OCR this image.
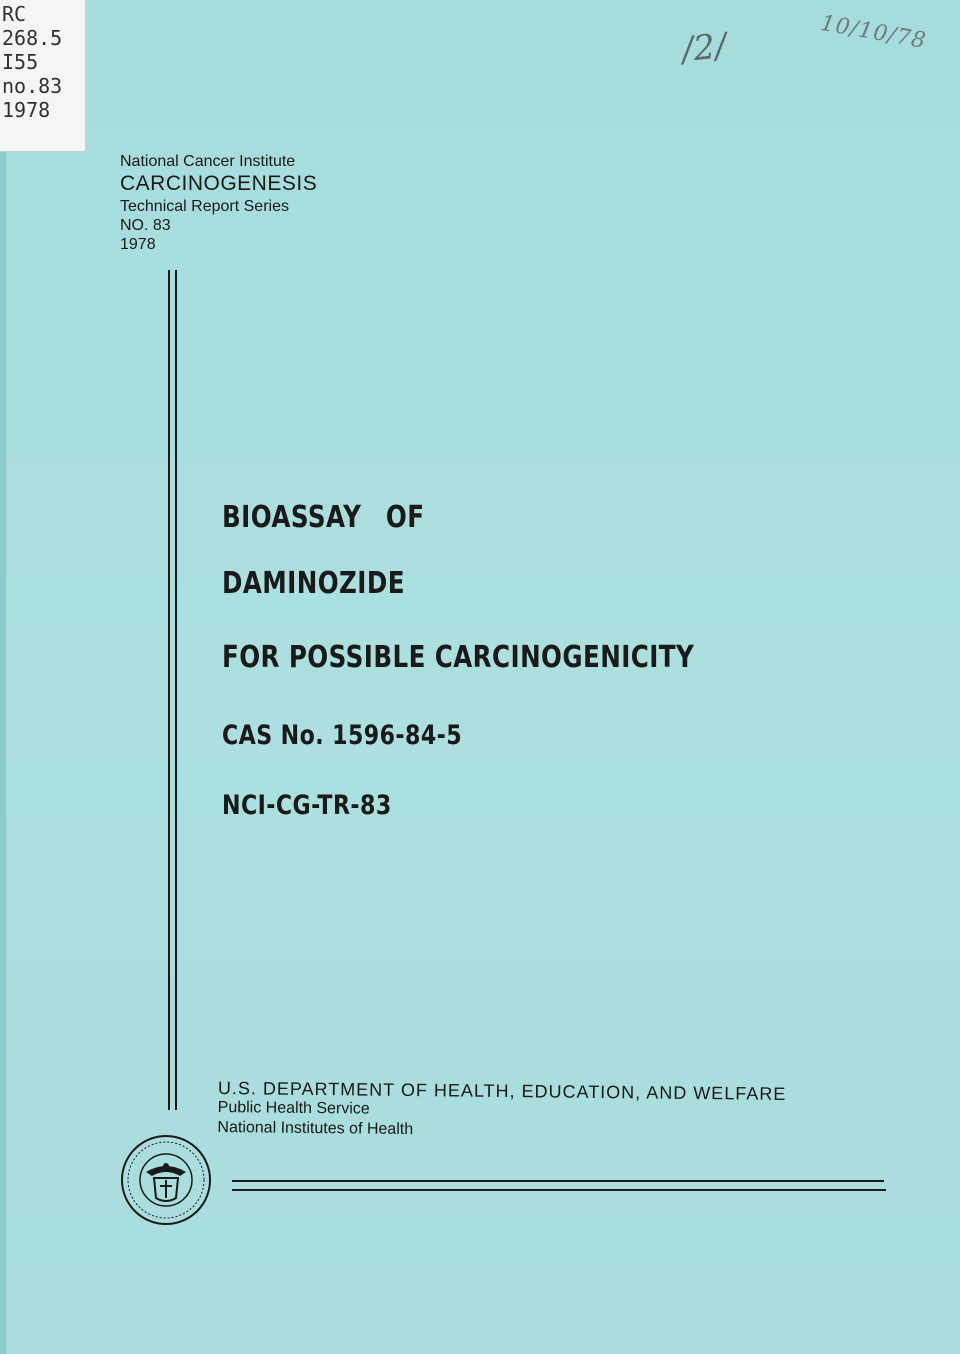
RC
268.5
I55
no.83
1978
/2/	10/10/78
National Cancer Institute
CARCINOGENESIS
Technical Report Series
NO. 83
1978
BIOASSAY OF
DAMINOZIDE
FOR POSSIBLE CARCINOGENICITY
CAS No. 1596-84-5
NCI-CG-TR-83
U.S. DEPARTMENT OF HEALTH, EDUCATION, AND WELFARE
Public Health Service
National Institutes of Health
